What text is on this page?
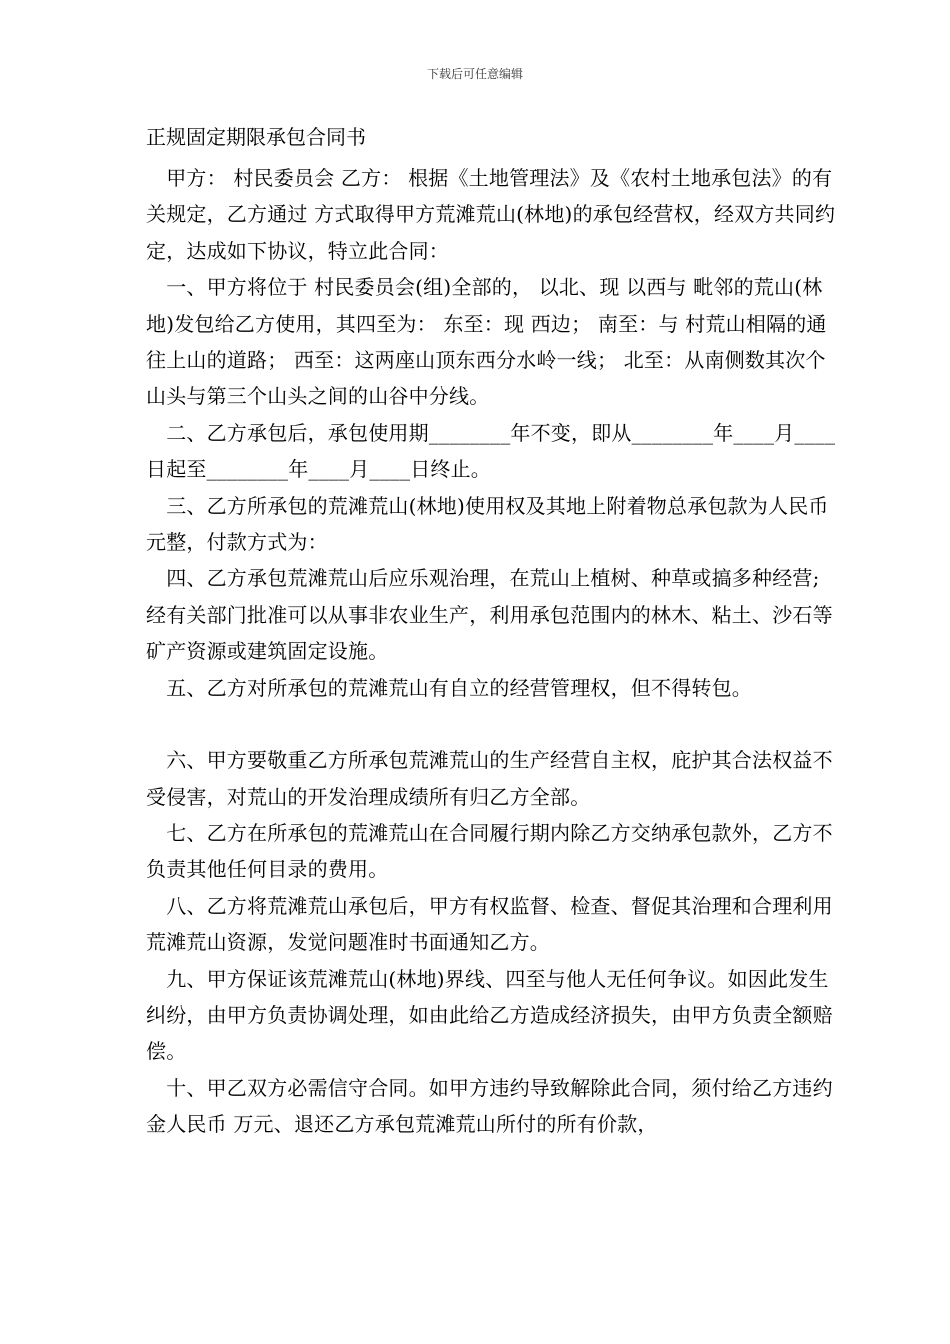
下载后可任意编辑
正规固定期限承包合同书

　甲方： 村民委员会 乙方： 根据《土地管理法》及《农村土地承包法》的有关规定，乙方通过 方式取得甲方荒滩荒山(林地)的承包经营权，经双方共同约定，达成如下协议，特立此合同：

　一、甲方将位于 村民委员会(组)全部的， 以北、现 以西与 毗邻的荒山(林地)发包给乙方使用，其四至为： 东至：现 西边； 南至：与 村荒山相隔的通往上山的道路； 西至：这两座山顶东西分水岭一线； 北至：从南侧数其次个山头与第三个山头之间的山谷中分线。

　二、乙方承包后，承包使用期________年不变，即从________年____月____日起至________年____月____日终止。

　三、乙方所承包的荒滩荒山(林地)使用权及其地上附着物总承包款为人民币 元整，付款方式为：

　四、乙方承包荒滩荒山后应乐观治理，在荒山上植树、种草或搞多种经营;经有关部门批准可以从事非农业生产，利用承包范围内的林木、粘土、沙石等矿产资源或建筑固定设施。

　五、乙方对所承包的荒滩荒山有自立的经营管理权，但不得转包。

　六、甲方要敬重乙方所承包荒滩荒山的生产经营自主权，庇护其合法权益不受侵害，对荒山的开发治理成绩所有归乙方全部。

　七、乙方在所承包的荒滩荒山在合同履行期内除乙方交纳承包款外，乙方不负责其他任何目录的费用。

　八、乙方将荒滩荒山承包后，甲方有权监督、检查、督促其治理和合理利用荒滩荒山资源，发觉问题准时书面通知乙方。

　九、甲方保证该荒滩荒山(林地)界线、四至与他人无任何争议。如因此发生纠纷，由甲方负责协调处理，如由此给乙方造成经济损失，由甲方负责全额赔偿。

　十、甲乙双方必需信守合同。如甲方违约导致解除此合同，须付给乙方违约金人民币 万元、退还乙方承包荒滩荒山所付的所有价款，
